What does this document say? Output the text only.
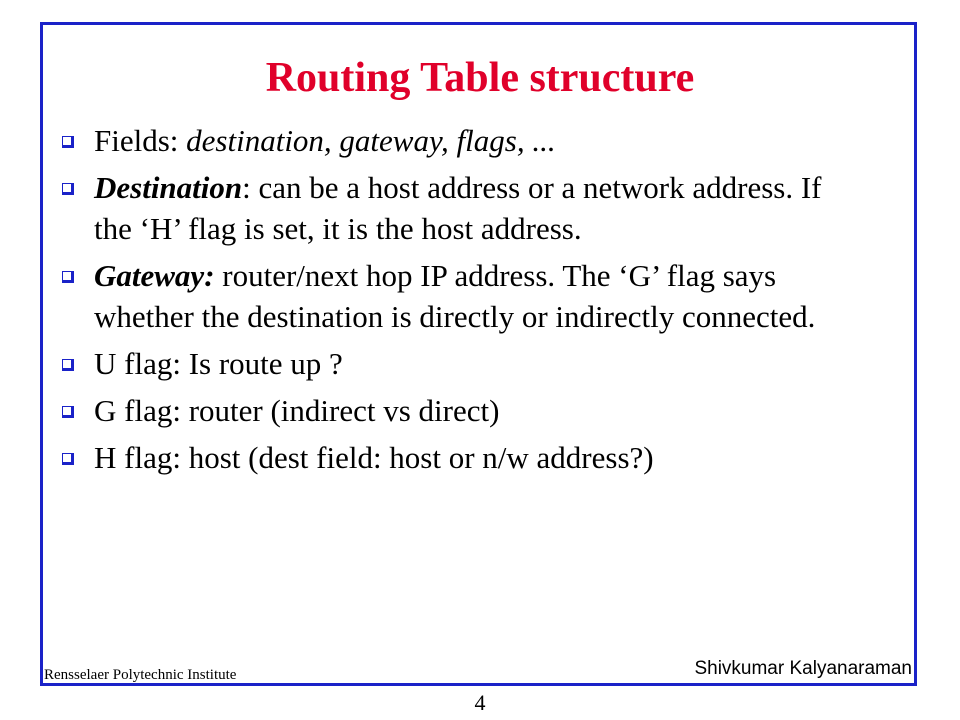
Routing Table structure
Fields: destination, gateway, flags, ...
Destination: can be a host address or a network address. If the ‘H’ flag is set, it is the host address.
Gateway: router/next hop IP address. The ‘G’ flag says whether the destination is directly or indirectly connected.
U flag: Is route up ?
G flag: router (indirect vs direct)
H flag: host (dest field: host or n/w address?)
Rensselaer Polytechnic Institute	Shivkumar Kalyanaraman
4
